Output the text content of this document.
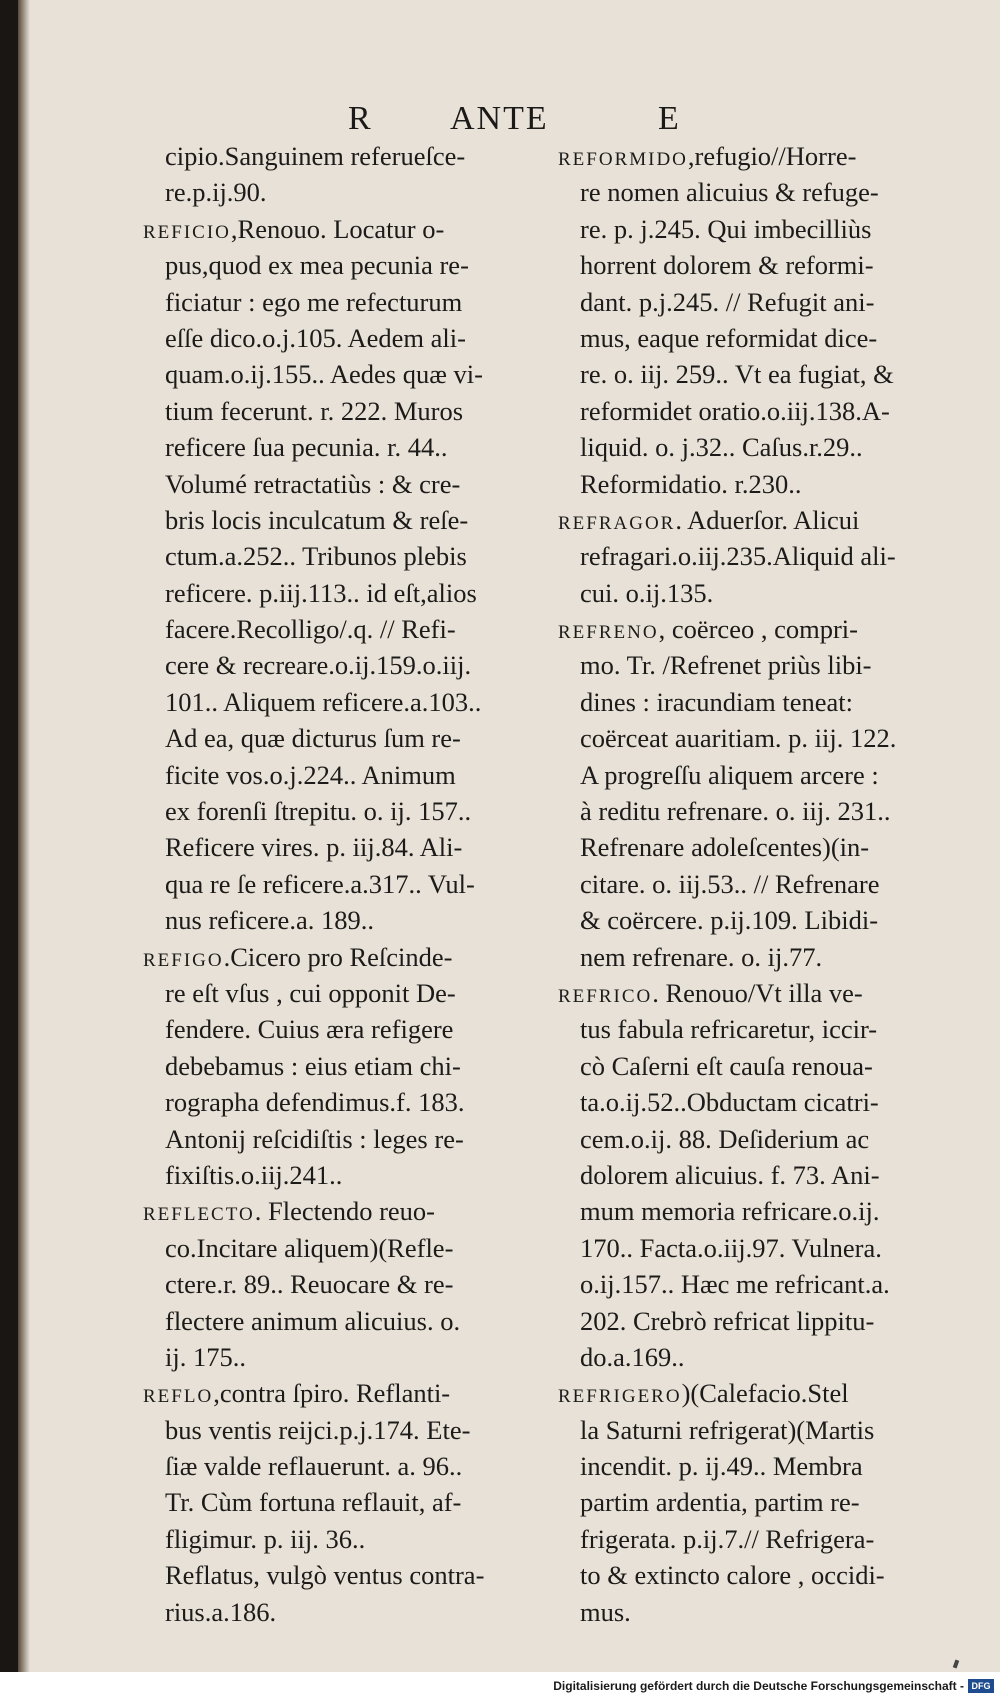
R ANTE	E
cipio.Sanguinem referueſce-
re.p.ij.90.
REFICIO,Renouo. Locatur o-
pus,quod ex mea pecunia re-
ficiatur : ego me refecturum
eſſe dico.o.j.105. Aedem ali-
quam.o.ij.155.. Aedes quæ vi-
tium fecerunt. r. 222. Muros
reficere ſua pecunia. r. 44..
Volumé retractatiùs : & cre-
bris locis inculcatum & reſe-
ctum.a.252.. Tribunos plebis
reficere. p.iij.113.. id eſt,alios
facere.Recolligo/.q. // Refi-
cere & recreare.o.ij.159.o.iij.
101.. Aliquem reficere.a.103..
Ad ea, quæ dicturus ſum re-
ficite vos.o.j.224.. Animum
ex forenſi ſtrepitu. o. ij. 157..
Reficere vires. p. iij.84. Ali-
qua re ſe reficere.a.317.. Vul-
nus reficere.a. 189..
REFIGO.Cicero pro Reſcinde-
re eſt vſus , cui opponit De-
fendere. Cuius æra refigere
debebamus : eius etiam chi-
rographa defendimus.f. 183.
Antonij reſcidiſtis : leges re-
fixiſtis.o.iij.241..
REFLECTO. Flectendo reuo-
co.Incitare aliquem)(Refle-
ctere.r. 89.. Reuocare & re-
flectere animum alicuius. o.
ij. 175..
REFLO,contra ſpiro. Reflanti-
bus ventis reijci.p.j.174. Ete-
ſiæ valde reflauerunt. a. 96..
Tr. Cùm fortuna reflauit, af-
fligimur. p. iij. 36..
Reflatus, vulgò ventus contra-
rius.a.186.
REFORMIDO,refugio//Horre-
re nomen alicuius & refuge-
re. p. j.245. Qui imbecilliùs
horrent dolorem & reformi-
dant. p.j.245. // Refugit ani-
mus, eaque reformidat dice-
re. o. iij. 259.. Vt ea fugiat, &
reformidet oratio.o.iij.138.A-
liquid. o. j.32.. Caſus.r.29..
Reformidatio. r.230..
REFRAGOR. Aduerſor. Alicui
refragari.o.iij.235.Aliquid ali-
cui. o.ij.135.
REFRENO, coërceo , compri-
mo. Tr. /Refrenet priùs libi-
dines : iracundiam teneat:
coërceat auaritiam. p. iij. 122.
A progreſſu aliquem arcere :
à reditu refrenare. o. iij. 231..
Refrenare adoleſcentes)(in-
citare. o. iij.53.. // Refrenare
& coërcere. p.ij.109. Libidi-
nem refrenare. o. ij.77.
REFRICO. Renouo/Vt illa ve-
tus fabula refricaretur, iccir-
cò Caſerni eſt cauſa renoua-
ta.o.ij.52..Obductam cicatri-
cem.o.ij. 88. Deſiderium ac
dolorem alicuius. f. 73. Ani-
mum memoria refricare.o.ij.
170.. Facta.o.iij.97. Vulnera.
o.ij.157.. Hæc me refricant.a.
202. Crebrò refricat lippitu-
do.a.169..
REFRIGERO)(Calefacio.Stel
la Saturni refrigerat)(Martis
incendit. p. ij.49.. Membra
partim ardentia, partim re-
frigerata. p.ij.7.// Refrigera-
to & extincto calore , occidi-
mus.
Digitalisierung gefördert durch die Deutsche Forschungsgemeinschaft - DFG
